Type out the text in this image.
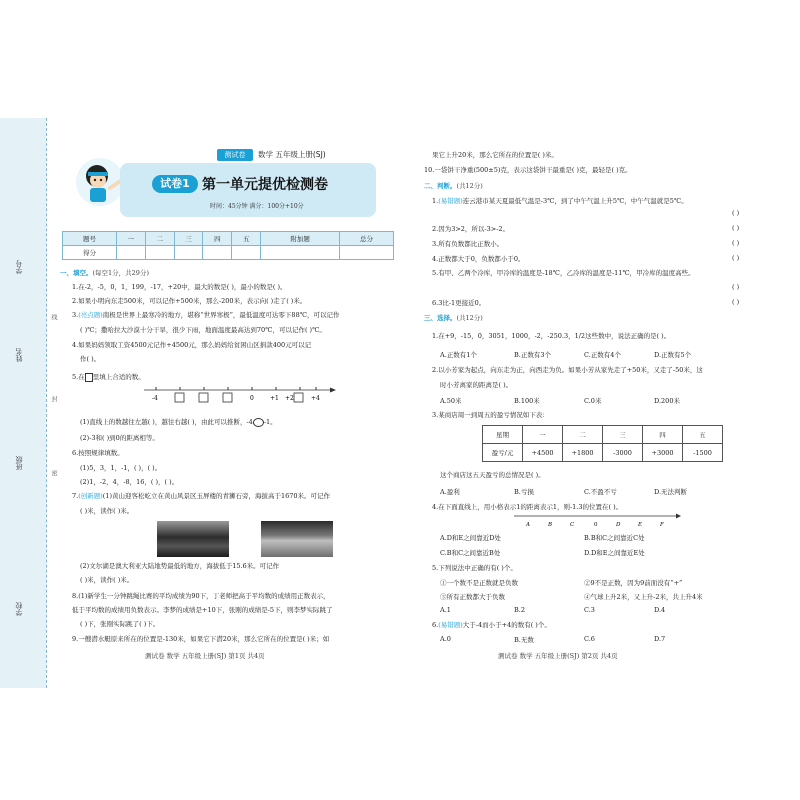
学号
姓名
班级
学校
线
封
密
测试卷	数学 五年级上册(SJ)
试卷1 第一单元提优检测卷
时间：45分钟 满分：100分+10分
题号	一	二	三	四	五	附加题	总分
得分							
一、填空。(每空1分，共29分)
1.在-2，-5，0，1，199，-17，+20中，最大的数是( )，最小的数是( )。
2.如果小明向东走500米，可以记作+500米，那么-200米，表示向( )走了( )米。
3.(亮点题)南极是世界上最寒冷的地方，堪称“世界寒极”，最低温度可达零下88℃，可以记作
( )℃；撒哈拉大沙漠十分干旱，很少下雨，地面温度最高达到70℃，可以记作( )℃。
4.如果妈妈领取工资4500元记作+4500元，那么妈妈给贫困山区捐款400元可以记
作( )。
5.在 里填上合适的数。
-4	0	+1 +2	+4
(1)直线上的数越往左越( )，越往右越( )，由此可以推断，-4 -1。
(2)-3和( )到0的距离相等。
6.按照规律填数。
(1)5，3，1，-1，( )，( )。
(2)1，-2，4，-8，16，( )，( )。
7.(创新题)(1)黄山迎客松屹立在黄山风景区玉屏楼的青狮石旁，海拔高于1670米。可记作
( )米，读作( )米。
(2)文尔湖是澳大利亚大陆地势最低的地方，海拔低于15.6米。可记作
( )米，读作( )米。
8.(1)新学生一分钟跳绳比赛的平均成绩为90下，丁老师把高于平均数的成绩用正数表示，
低于平均数的成绩用负数表示。李梦的成绩是+10下，张刚的成绩是-5下，则李梦实际跳了
( )下，张刚实际跳了( )下。
9.一艘潜水艇原来所在的位置是-130米，如果它下潜20米，那么它所在的位置是( )米；如
测试卷 数学 五年级上册(SJ) 第1页 共4页
果它上升20米，那么它所在的位置是( )米。
10.一袋饼干净重(500±5)克，表示这袋饼干最重是( )克，最轻是( )克。
二、判断。(共12分)
1.(易错题)连云港市某天夏最低气温是-3℃，到了中午气温上升5℃，中午气温就是5℃。
( )
2.因为3>2，所以-3>-2。	( )
3.所有负数都比正数小。	( )
4.正数都大于0，负数都小于0。	( )
5.有甲、乙两个冷库，甲冷库的温度是-18℃，乙冷库的温度是-11℃，甲冷库的温度高些。
( )
6.3比-1更接近0。	( )
三、选择。(共12分)
1.在+9，-15，0，3051，1000，-2，-250.3，1/2这些数中，说法正确的是( )。
A.正数有1个	B.正数有3个	C.正数有4个	D.正数有5个
2.以小芳家为起点，向东走为正，向西走为负。如果小芳从家先走了+50米，又走了-50米，这
时小芳离家的距离是( )。
A.50米	B.100米	C.0米	D.200米
3.某商店周一到周五的盈亏情况如下表：
星期	一	二	三	四	五
盈亏/元	+4500	+1800	-3000	+3000	-1500
这个商店这五天盈亏的总情况是( )。
A.盈利	B.亏损	C.不盈不亏	D.无法判断
4.在下面直线上，用小格表示1的距离表示1，则-1.3的位置在( )。
A	B	C	0	D	E	F
A.D和E之间靠近D处	B.B和C之间靠近C处
C.B和C之间靠近B处	D.D和E之间靠近E处
5.下列说法中正确的有( )个。
①一个数不是正数就是负数	②9不是正数，因为9前面没有“+”
③所有正数都大于负数	④气球上升2米，又上升-2米，共上升4米
A.1	B.2	C.3	D.4
6.(易错题)大于-4而小于+4的数有( )个。
A.0	B.无数	C.6	D.7
测试卷 数学 五年级上册(SJ) 第2页 共4页
